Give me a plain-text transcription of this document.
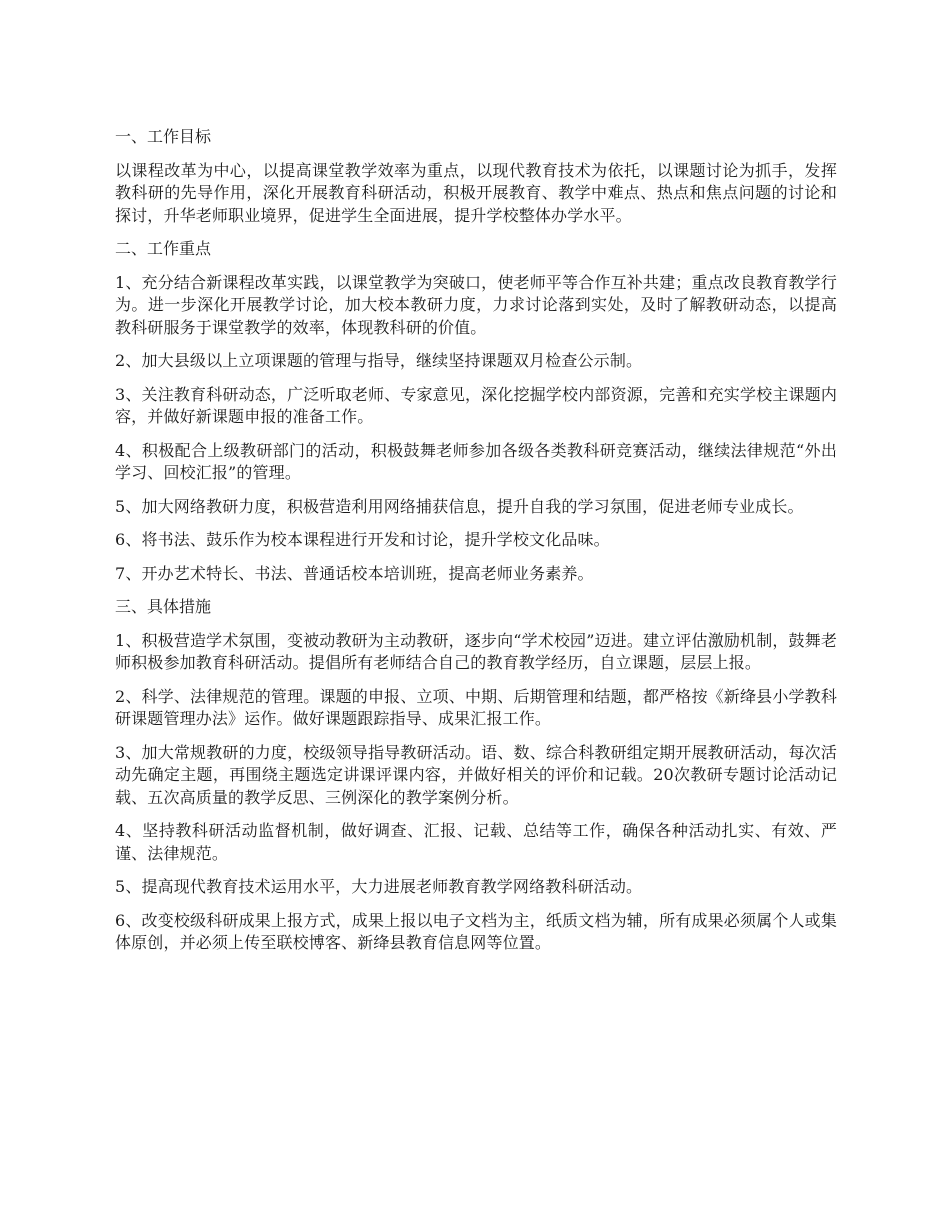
一、工作目标

以课程改革为中心，以提高课堂教学效率为重点，以现代教育技术为依托，以课题讨论为抓手，发挥教科研的先导作用，深化开展教育科研活动，积极开展教育、教学中难点、热点和焦点问题的讨论和探讨，升华老师职业境界，促进学生全面进展，提升学校整体办学水平。

二、工作重点

1、充分结合新课程改革实践，以课堂教学为突破口，使老师平等合作互补共建；重点改良教育教学行为。进一步深化开展教学讨论，加大校本教研力度，力求讨论落到实处，及时了解教研动态，以提高教科研服务于课堂教学的效率，体现教科研的价值。

2、加大县级以上立项课题的管理与指导，继续坚持课题双月检查公示制。

3、关注教育科研动态，广泛听取老师、专家意见，深化挖掘学校内部资源，完善和充实学校主课题内容，并做好新课题申报的准备工作。

4、积极配合上级教研部门的活动，积极鼓舞老师参加各级各类教科研竞赛活动，继续法律规范“外出学习、回校汇报”的管理。

5、加大网络教研力度，积极营造利用网络捕获信息，提升自我的学习氛围，促进老师专业成长。

6、将书法、鼓乐作为校本课程进行开发和讨论，提升学校文化品味。

7、开办艺术特长、书法、普通话校本培训班，提高老师业务素养。

三、具体措施

1、积极营造学术氛围，变被动教研为主动教研，逐步向“学术校园”迈进。建立评估激励机制，鼓舞老师积极参加教育科研活动。提倡所有老师结合自己的教育教学经历，自立课题，层层上报。

2、科学、法律规范的管理。课题的申报、立项、中期、后期管理和结题，都严格按《新绛县小学教科研课题管理办法》运作。做好课题跟踪指导、成果汇报工作。

3、加大常规教研的力度，校级领导指导教研活动。语、数、综合科教研组定期开展教研活动，每次活动先确定主题，再围绕主题选定讲课评课内容，并做好相关的评价和记载。20次教研专题讨论活动记载、五次高质量的教学反思、三例深化的教学案例分析。

4、坚持教科研活动监督机制，做好调查、汇报、记载、总结等工作，确保各种活动扎实、有效、严谨、法律规范。

5、提高现代教育技术运用水平，大力进展老师教育教学网络教科研活动。

6、改变校级科研成果上报方式，成果上报以电子文档为主，纸质文档为辅，所有成果必须属个人或集体原创，并必须上传至联校博客、新绛县教育信息网等位置。
